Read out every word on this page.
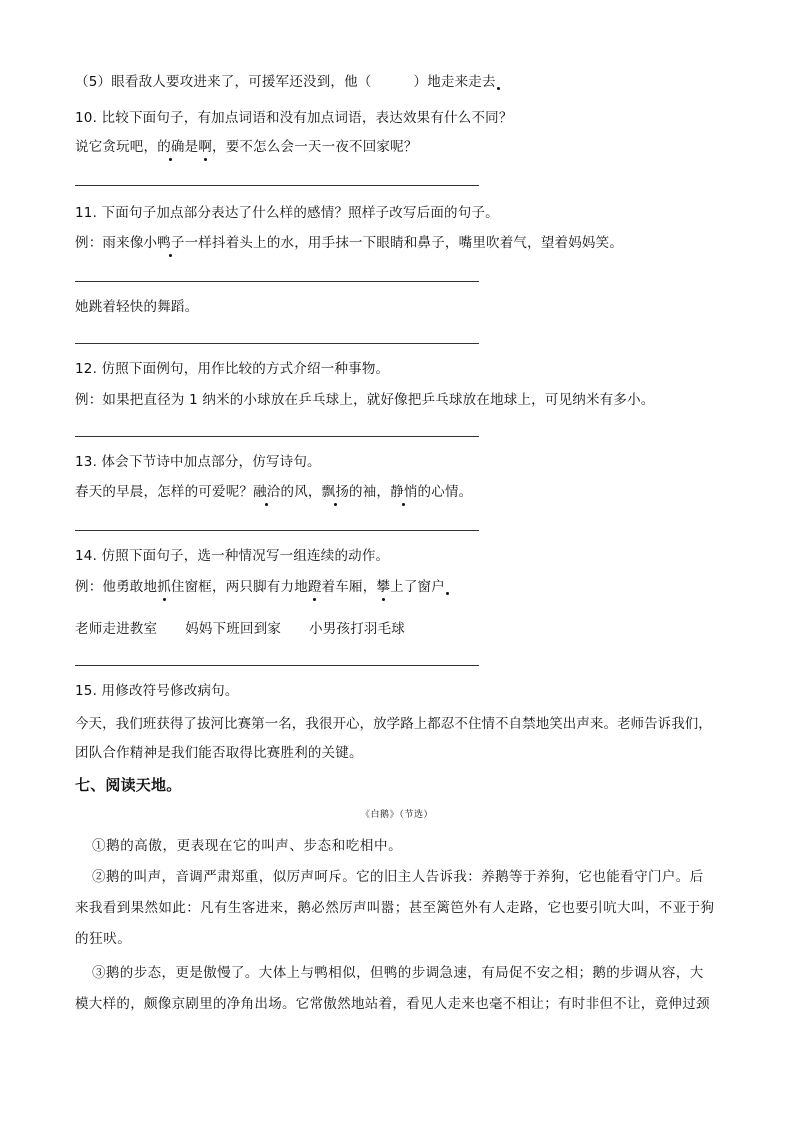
（5）眼看敌人要攻进来了，可援军还没到，他（	）地走来走去
10. 比较下面句子，有加点词语和没有加点词语，表达效果有什么不同？
说它贪玩吧，的确是啊，要不怎么会一天一夜不回家呢？
11. 下面句子加点部分表达了什么样的感情？照样子改写后面的句子。
例：雨来像小鸭子一样抖着头上的水，用手抹一下眼睛和鼻子，嘴里吹着气，望着妈妈笑。
她跳着轻快的舞蹈。
12. 仿照下面例句，用作比较的方式介绍一种事物。
例：如果把直径为 1 纳米的小球放在乒乓球上，就好像把乒乓球放在地球上，可见纳米有多小。
13. 体会下节诗中加点部分，仿写诗句。
春天的早晨，怎样的可爱呢？融洽的风，飘扬的袖，静悄的心情。
14. 仿照下面句子，选一种情况写一组连续的动作。
例：他勇敢地抓住窗框，两只脚有力地蹬着车厢，攀上了窗户
老师走进教室 妈妈下班回到家 小男孩打羽毛球
15. 用修改符号修改病句。
今天，我们班获得了拔河比赛第一名，我很开心，放学路上都忍不住情不自禁地笑出声来。老师告诉我们，
团队合作精神是我们能否取得比赛胜利的关键。
七、阅读天地。
《白鹅》（节选）
①鹅的高傲，更表现在它的叫声、步态和吃相中。
②鹅的叫声，音调严肃郑重，似厉声呵斥。它的旧主人告诉我：养鹅等于养狗，它也能看守门户。后
来我看到果然如此：凡有生客进来，鹅必然厉声叫嚣；甚至篱笆外有人走路，它也要引吭大叫，不亚于狗
的狂吠。
③鹅的步态，更是傲慢了。大体上与鸭相似，但鸭的步调急速，有局促不安之相；鹅的步调从容，大
模大样的，颇像京剧里的净角出场。它常傲然地站着，看见人走来也毫不相让；有时非但不让，竟伸过颈
